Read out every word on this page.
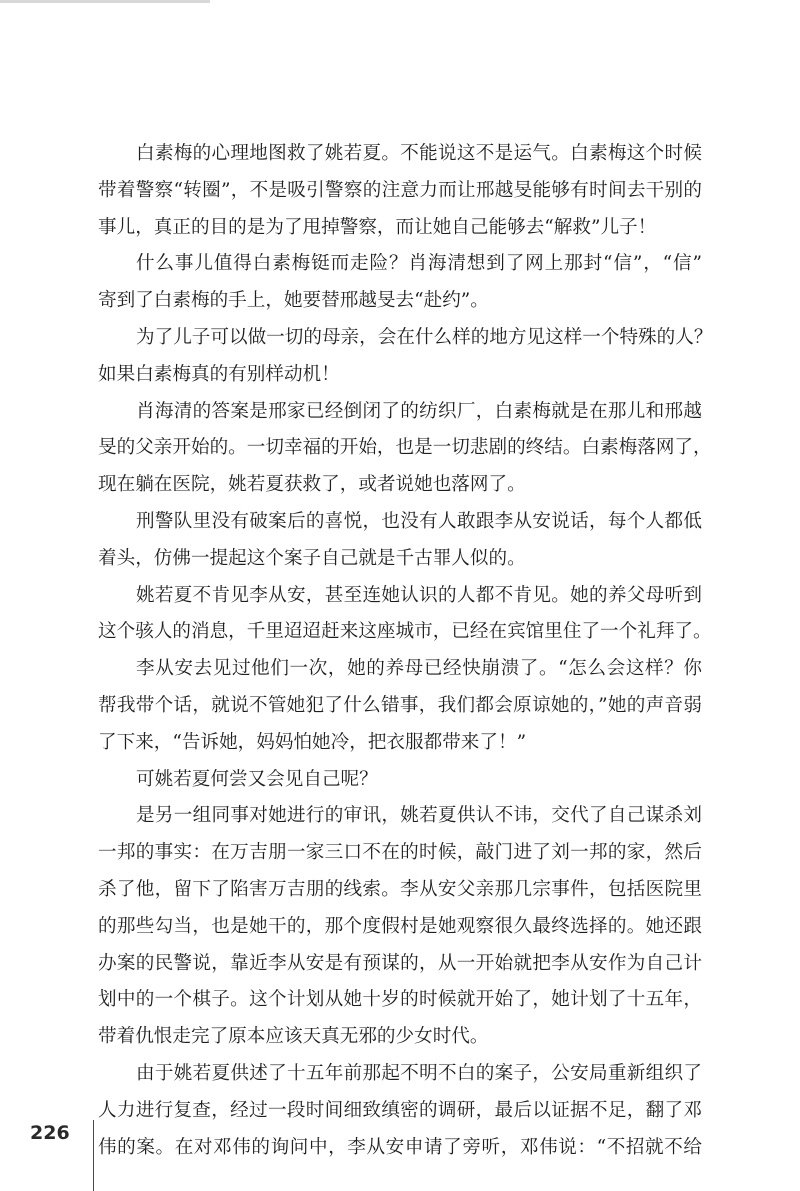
白素梅的心理地图救了姚若夏。不能说这不是运气。白素梅这个时候
带着警察“转圈”，不是吸引警察的注意力而让邢越旻能够有时间去干别的
事儿，真正的目的是为了甩掉警察，而让她自己能够去“解救”儿子！
什么事儿值得白素梅铤而走险？肖海清想到了网上那封“信”，“信”
寄到了白素梅的手上，她要替邢越旻去“赴约”。
为了儿子可以做一切的母亲，会在什么样的地方见这样一个特殊的人？
如果白素梅真的有别样动机！
肖海清的答案是邢家已经倒闭了的纺织厂，白素梅就是在那儿和邢越
旻的父亲开始的。一切幸福的开始，也是一切悲剧的终结。白素梅落网了，
现在躺在医院，姚若夏获救了，或者说她也落网了。
刑警队里没有破案后的喜悦，也没有人敢跟李从安说话，每个人都低
着头，仿佛一提起这个案子自己就是千古罪人似的。
姚若夏不肯见李从安，甚至连她认识的人都不肯见。她的养父母听到
这个骇人的消息，千里迢迢赶来这座城市，已经在宾馆里住了一个礼拜了。
李从安去见过他们一次，她的养母已经快崩溃了。“怎么会这样？你
帮我带个话，就说不管她犯了什么错事，我们都会原谅她的，”她的声音弱
了下来，“告诉她，妈妈怕她冷，把衣服都带来了！”
可姚若夏何尝又会见自己呢？
是另一组同事对她进行的审讯，姚若夏供认不讳，交代了自己谋杀刘
一邦的事实：在万吉朋一家三口不在的时候，敲门进了刘一邦的家，然后
杀了他，留下了陷害万吉朋的线索。李从安父亲那几宗事件，包括医院里
的那些勾当，也是她干的，那个度假村是她观察很久最终选择的。她还跟
办案的民警说，靠近李从安是有预谋的，从一开始就把李从安作为自己计
划中的一个棋子。这个计划从她十岁的时候就开始了，她计划了十五年，
带着仇恨走完了原本应该天真无邪的少女时代。
由于姚若夏供述了十五年前那起不明不白的案子，公安局重新组织了
人力进行复查，经过一段时间细致缜密的调研，最后以证据不足，翻了邓
伟的案。在对邓伟的询问中，李从安申请了旁听，邓伟说：“不招就不给
226
